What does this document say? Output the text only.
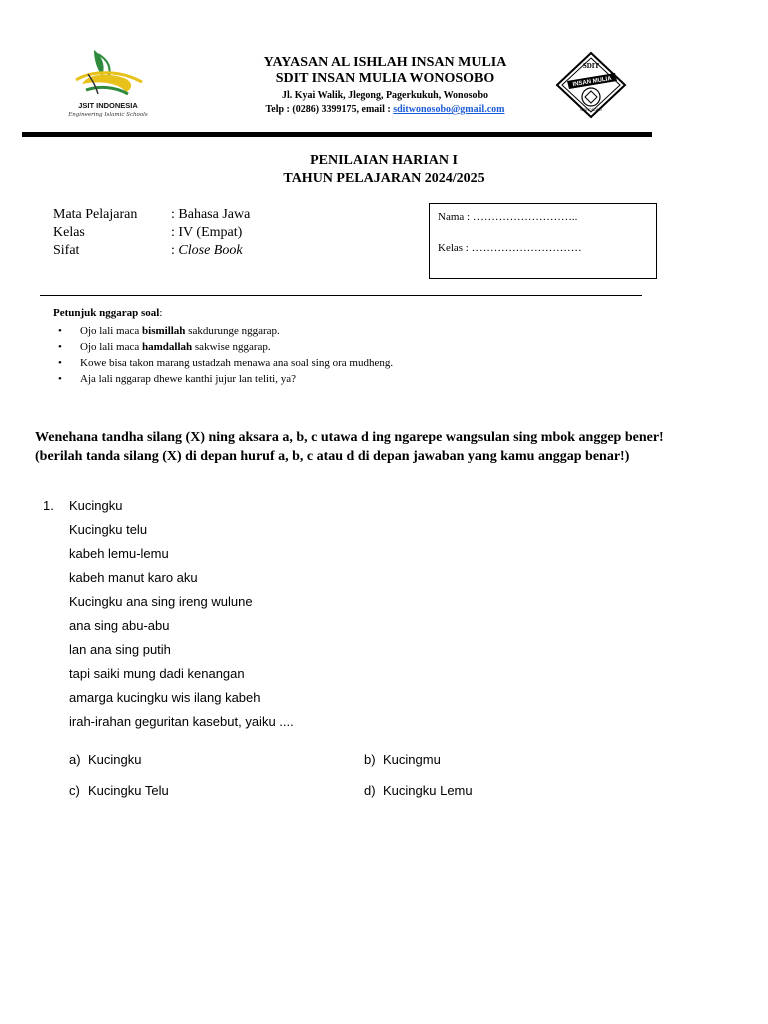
JSIT INDONESIA
Engineering Islamic Schools
YAYASAN AL ISHLAH INSAN MULIA
SDIT INSAN MULIA WONOSOBO
Jl. Kyai Walik, Jlegong, Pagerkukuh, Wonosobo
Telp : (0286) 3399175, email : sditwonosobo@gmail.com
SDIT
INSAN MULIA
WONOSOBO
PENILAIAN HARIAN I
TAHUN PELAJARAN 2024/2025
Mata Pelajaran	: Bahasa Jawa
Kelas	: IV (Empat)
Sifat	: Close Book
Nama : ………………………..
Kelas : …………………………
Petunjuk nggarap soal:
• Ojo lali maca bismillah sakdurunge nggarap.
• Ojo lali maca hamdallah sakwise nggarap.
• Kowe bisa takon marang ustadzah menawa ana soal sing ora mudheng.
• Aja lali nggarap dhewe kanthi jujur lan teliti, ya?
Wenehana tandha silang (X) ning aksara a, b, c utawa d ing ngarepe wangsulan sing mbok anggep bener!
(berilah tanda silang (X) di depan huruf a, b, c atau d di depan jawaban yang kamu anggap benar!)
1. Kucingku
Kucingku telu
kabeh lemu-lemu
kabeh manut karo aku
Kucingku ana sing ireng wulune
ana sing abu-abu
lan ana sing putih
tapi saiki mung dadi kenangan
amarga kucingku wis ilang kabeh
irah-irahan geguritan kasebut, yaiku ....
a) Kucingku	b) Kucingmu
c) Kucingku Telu	d) Kucingku Lemu
